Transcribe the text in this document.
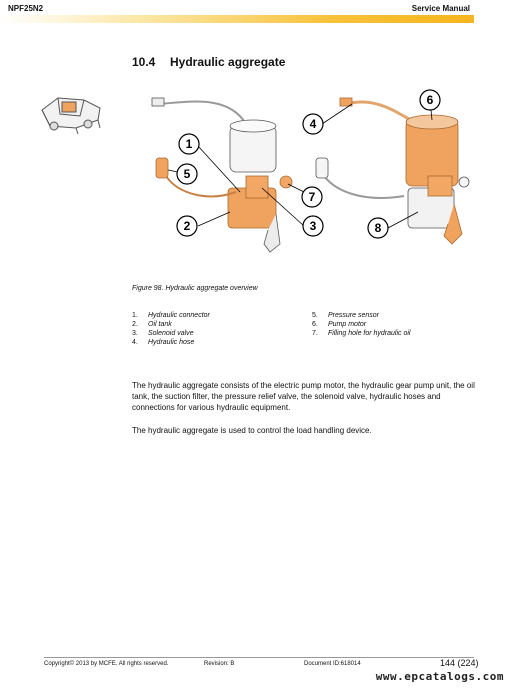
NPF25N2	Service Manual
10.4 Hydraulic aggregate
1
2	3
4
5
6
7
8
Figure 98. Hydraulic aggregate overview
1.	Hydraulic connector	5.	Pressure sensor
2.	Oil tank	6.	Pump motor
3.	Solenoid valve	7.	Filling hole for hydraulic oil
4.	Hydraulic hose
The hydraulic aggregate consists of the electric pump motor, the hydraulic gear pump unit, the oil tank, the suction filter, the pressure relief valve, the solenoid valve, hydraulic hoses and connections for various hydraulic equipment.
The hydraulic aggregate is used to control the load handling device.
Copyright© 2013 by MCFE. All rights reserved.	Revision: B	Document ID:618014	144 (224)
www.epcatalogs.com
